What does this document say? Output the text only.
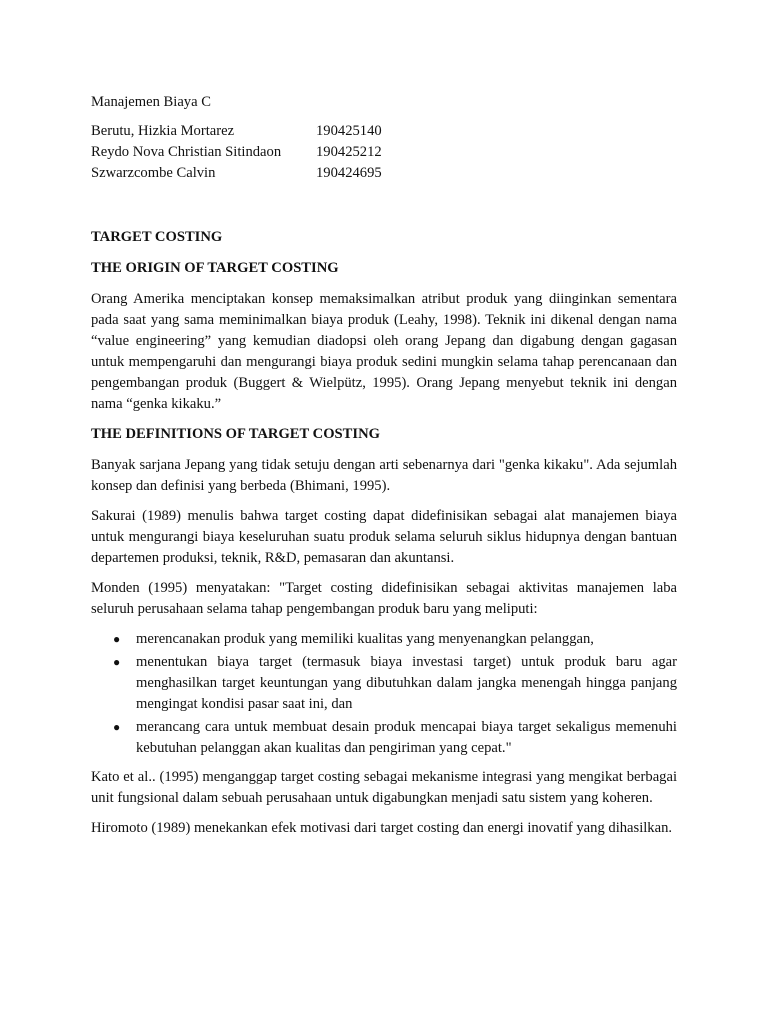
Manajemen Biaya C
Berutu, Hizkia Mortarez	190425140
Reydo Nova Christian Sitindaon	190425212
Szwarzcombe Calvin	190424695
TARGET COSTING
THE ORIGIN OF TARGET COSTING

Orang Amerika menciptakan konsep memaksimalkan atribut produk yang diinginkan sementara pada saat yang sama meminimalkan biaya produk (Leahy, 1998). Teknik ini dikenal dengan nama “value engineering” yang kemudian diadopsi oleh orang Jepang dan digabung dengan gagasan untuk mempengaruhi dan mengurangi biaya produk sedini mungkin selama tahap perencanaan dan pengembangan produk (Buggert & Wielpütz, 1995). Orang Jepang menyebut teknik ini dengan nama “genka kikaku.”

THE DEFINITIONS OF TARGET COSTING

Banyak sarjana Jepang yang tidak setuju dengan arti sebenarnya dari "genka kikaku". Ada sejumlah konsep dan definisi yang berbeda (Bhimani, 1995).

Sakurai (1989) menulis bahwa target costing dapat didefinisikan sebagai alat manajemen biaya untuk mengurangi biaya keseluruhan suatu produk selama seluruh siklus hidupnya dengan bantuan departemen produksi, teknik, R&D, pemasaran dan akuntansi.

Monden (1995) menyatakan: "Target costing didefinisikan sebagai aktivitas manajemen laba seluruh perusahaan selama tahap pengembangan produk baru yang meliputi:

● merencanakan produk yang memiliki kualitas yang menyenangkan pelanggan,
● menentukan biaya target (termasuk biaya investasi target) untuk produk baru agar menghasilkan target keuntungan yang dibutuhkan dalam jangka menengah hingga panjang mengingat kondisi pasar saat ini, dan
● merancang cara untuk membuat desain produk mencapai biaya target sekaligus memenuhi kebutuhan pelanggan akan kualitas dan pengiriman yang cepat."

Kato et al.. (1995) menganggap target costing sebagai mekanisme integrasi yang mengikat berbagai unit fungsional dalam sebuah perusahaan untuk digabungkan menjadi satu sistem yang koheren.

Hiromoto (1989) menekankan efek motivasi dari target costing dan energi inovatif yang dihasilkan.
